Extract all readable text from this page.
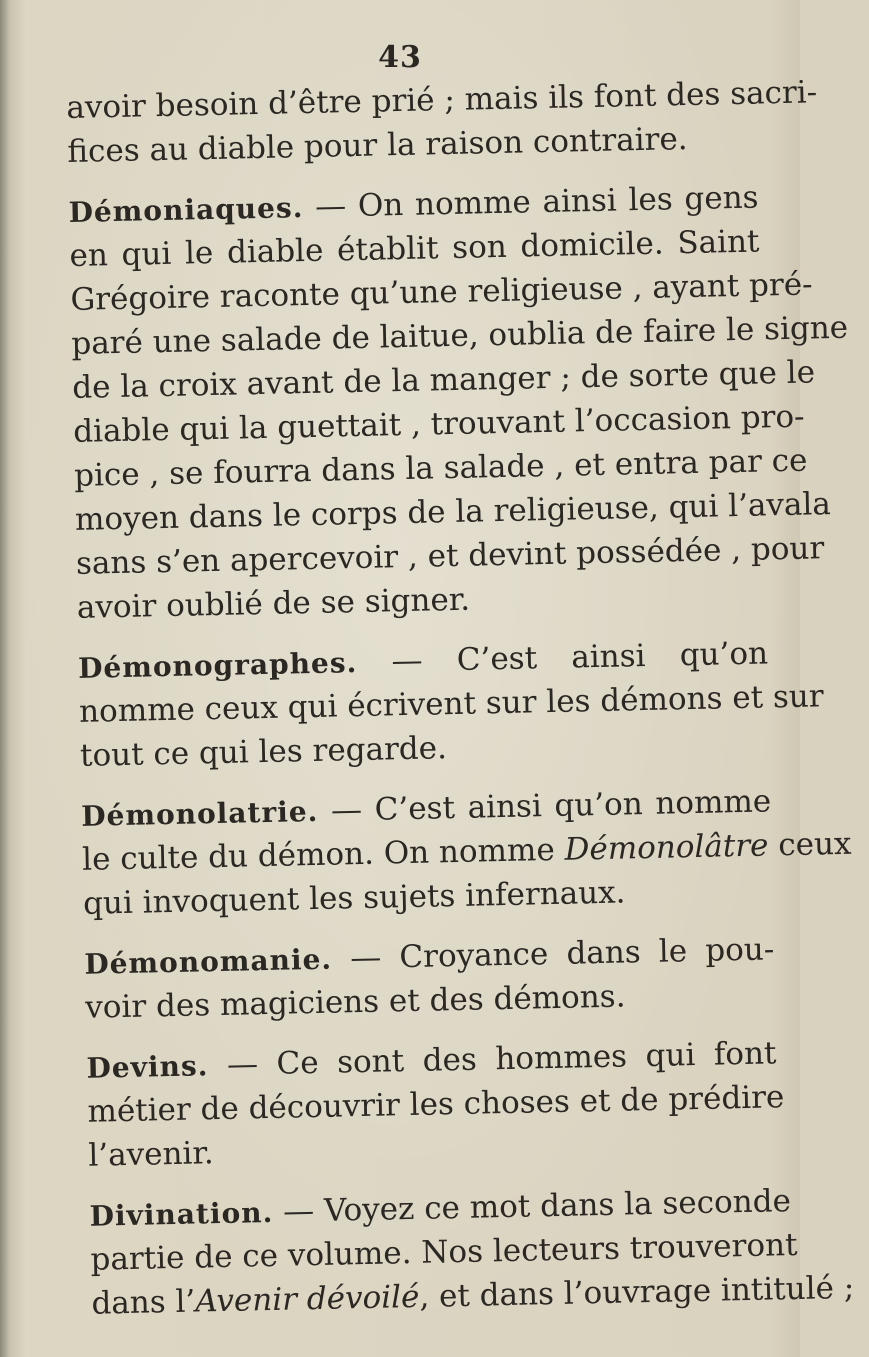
43
avoir besoin d’être prié ; mais ils font des sacri-
fices au diable pour la raison contraire.
Démoniaques. — On nomme ainsi les gens
en qui le diable établit son domicile. Saint
Grégoire raconte qu’une religieuse , ayant pré-
paré une salade de laitue, oublia de faire le signe
de la croix avant de la manger ; de sorte que le
diable qui la guettait , trouvant l’occasion pro-
pice , se fourra dans la salade , et entra par ce
moyen dans le corps de la religieuse, qui l’avala
sans s’en apercevoir , et devint possédée , pour
avoir oublié de se signer.
Démonographes. — C’est ainsi qu’on
nomme ceux qui écrivent sur les démons et sur
tout ce qui les regarde.
Démonolatrie. — C’est ainsi qu’on nomme
le culte du démon. On nomme Démonolâtre ceux
qui invoquent les sujets infernaux.
Démonomanie. — Croyance dans le pou-
voir des magiciens et des démons.
Devins. — Ce sont des hommes qui font
métier de découvrir les choses et de prédire
l’avenir.
Divination. — Voyez ce mot dans la seconde
partie de ce volume. Nos lecteurs trouveront
dans l’Avenir dévoilé, et dans l’ouvrage intitulé ;
